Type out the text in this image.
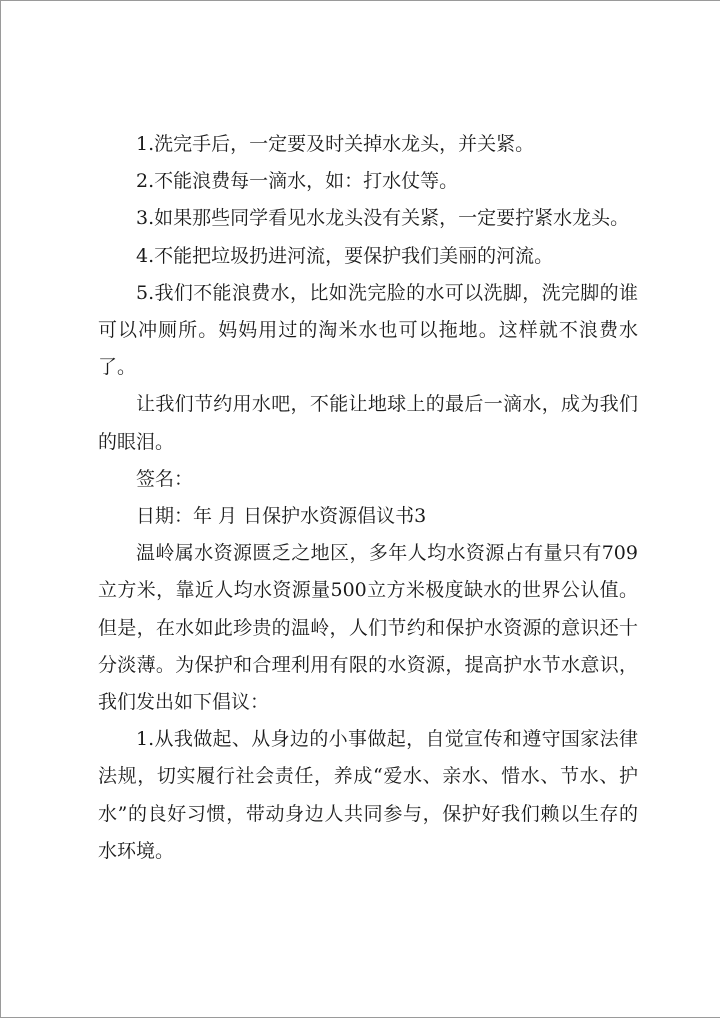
1.洗完手后，一定要及时关掉水龙头，并关紧。

2.不能浪费每一滴水，如：打水仗等。

3.如果那些同学看见水龙头没有关紧，一定要拧紧水龙头。

4.不能把垃圾扔进河流，要保护我们美丽的河流。

5.我们不能浪费水，比如洗完脸的水可以洗脚，洗完脚的谁可以冲厕所。妈妈用过的淘米水也可以拖地。这样就不浪费水了。

让我们节约用水吧，不能让地球上的最后一滴水，成为我们的眼泪。

签名：

日期：年 月 日保护水资源倡议书3

温岭属水资源匮乏之地区，多年人均水资源占有量只有709立方米，靠近人均水资源量500立方米极度缺水的世界公认值。但是，在水如此珍贵的温岭，人们节约和保护水资源的意识还十分淡薄。为保护和合理利用有限的水资源，提高护水节水意识，我们发出如下倡议：

1.从我做起、从身边的小事做起，自觉宣传和遵守国家法律法规，切实履行社会责任，养成“爱水、亲水、惜水、节水、护水”的良好习惯，带动身边人共同参与，保护好我们赖以生存的水环境。
